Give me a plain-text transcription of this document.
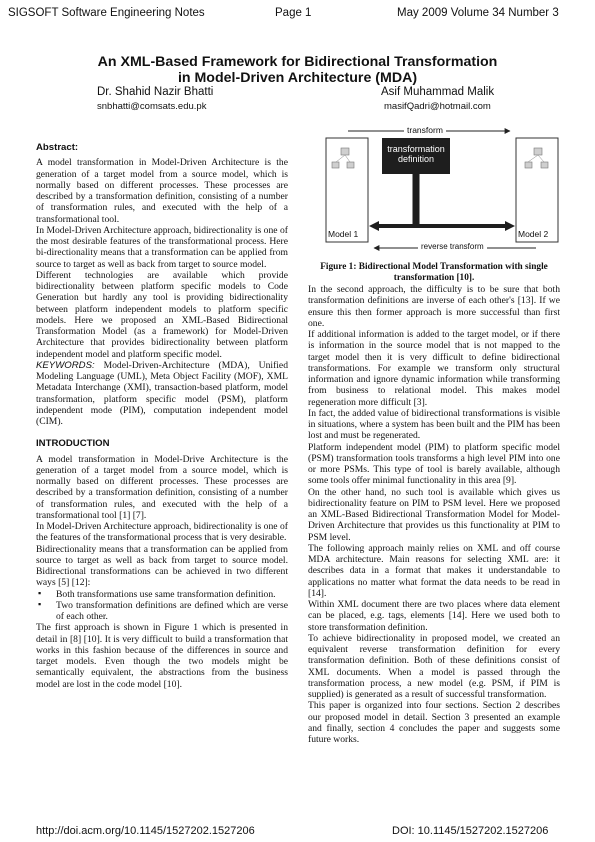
SIGSOFT Software Engineering Notes	Page 1	May 2009 Volume 34 Number 3
An XML-Based Framework for Bidirectional Transformation
in Model-Driven Architecture (MDA)
Dr. Shahid Nazir Bhatti
snbhatti@comsats.edu.pk
Asif Muhammad Malik
masifQadri@hotmail.com
Abstract:

A model transformation in Model-Driven Architecture is the generation of a target model from a source model, which is normally based on different processes. These processes are described by a transformation definition, consisting of a number of transformation rules, and executed with the help of a transformational tool.

In Model-Driven Architecture approach, bidirectionality is one of the most desirable features of the transformational process. Here bi-directionality means that a transformation can be applied from source to target as well as back from target to source model.

Different technologies are available which provide bidirectionality between platform specific models to Code Generation but hardly any tool is providing bidirectionality between platform independent models to platform specific models. Here we proposed an XML-Based Bidirectional Transformation Model (as a framework) for Model-Driven Architecture that provides bidirectionality between platform independent model and platform specific model.

KEYWORDS: Model-Driven-Architecture (MDA), Unified Modeling Language (UML), Meta Object Facility (MOF), XML Metadata Interchange (XMI), transaction-based platform, model transformation, platform specific model (PSM), platform independent mode (PIM), computation independent model (CIM).

INTRODUCTION

A model transformation in Model-Drive Architecture is the generation of a target model from a source model, which is normally based on different processes. These processes are described by a transformation definition, consisting of a number of transformation rules, and executed with the help of a transformational tool [1] [7].

In Model-Driven Architecture approach, bidirectionality is one of the features of the transformational process that is very desirable.

Bidirectionality means that a transformation can be applied from source to target as well as back from target to source model. Bidirectional transformations can be achieved in two different ways [5] [12]:

▪ Both transformations use same transformation definition.
▪ Two transformation definitions are defined which are verse of each other.

The first approach is shown in Figure 1 which is presented in detail in [8] [10]. It is very difficult to build a transformation that works in this fashion because of the differences in source and target models. Even though the two models might be semantically equivalent, the abstractions from the business model are lost in the code model [10].

transform
transformation definition
Model 1	Model 2
reverse transform
Figure 1: Bidirectional Model Transformation with single transformation [10].

In the second approach, the difficulty is to be sure that both transformation definitions are inverse of each other's [13]. If we ensure this then former approach is more successful than first one.

If additional information is added to the target model, or if there is information in the source model that is not mapped to the target model then it is very difficult to define bidirectional transformations. For example we transform only structural information and ignore dynamic information while transforming from business to relational model. This makes model regeneration more difficult [3].

In fact, the added value of bidirectional transformations is visible in situations, where a system has been built and the PIM has been lost and must be regenerated.

Platform independent model (PIM) to platform specific model (PSM) transformation tools transforms a high level PIM into one or more PSMs. This type of tool is barely available, although some tools offer minimal functionality in this area [9].

On the other hand, no such tool is available which gives us bidirectionality feature on PIM to PSM level. Here we proposed an XML-Based Bidirectional Transformation Model for Model-Driven Architecture that provides us this functionality at PIM to PSM level.

The following approach mainly relies on XML and off course MDA architecture. Main reasons for selecting XML are: it describes data in a format that makes it understandable to applications no matter what format the data needs to be read in [14].

Within XML document there are two places where data element can be placed, e.g. tags, elements [14]. Here we used both to store transformation definition.

To achieve bidirectionality in proposed model, we created an equivalent reverse transformation definition for every transformation definition. Both of these definitions consist of XML documents. When a model is passed through the transformation process, a new model (e.g. PSM, if PIM is supplied) is generated as a result of successful transformation.

This paper is organized into four sections. Section 2 describes our proposed model in detail. Section 3 presented an example and finally, section 4 concludes the paper and suggests some future works.

http://doi.acm.org/10.1145/1527202.1527206	DOI: 10.1145/1527202.1527206
